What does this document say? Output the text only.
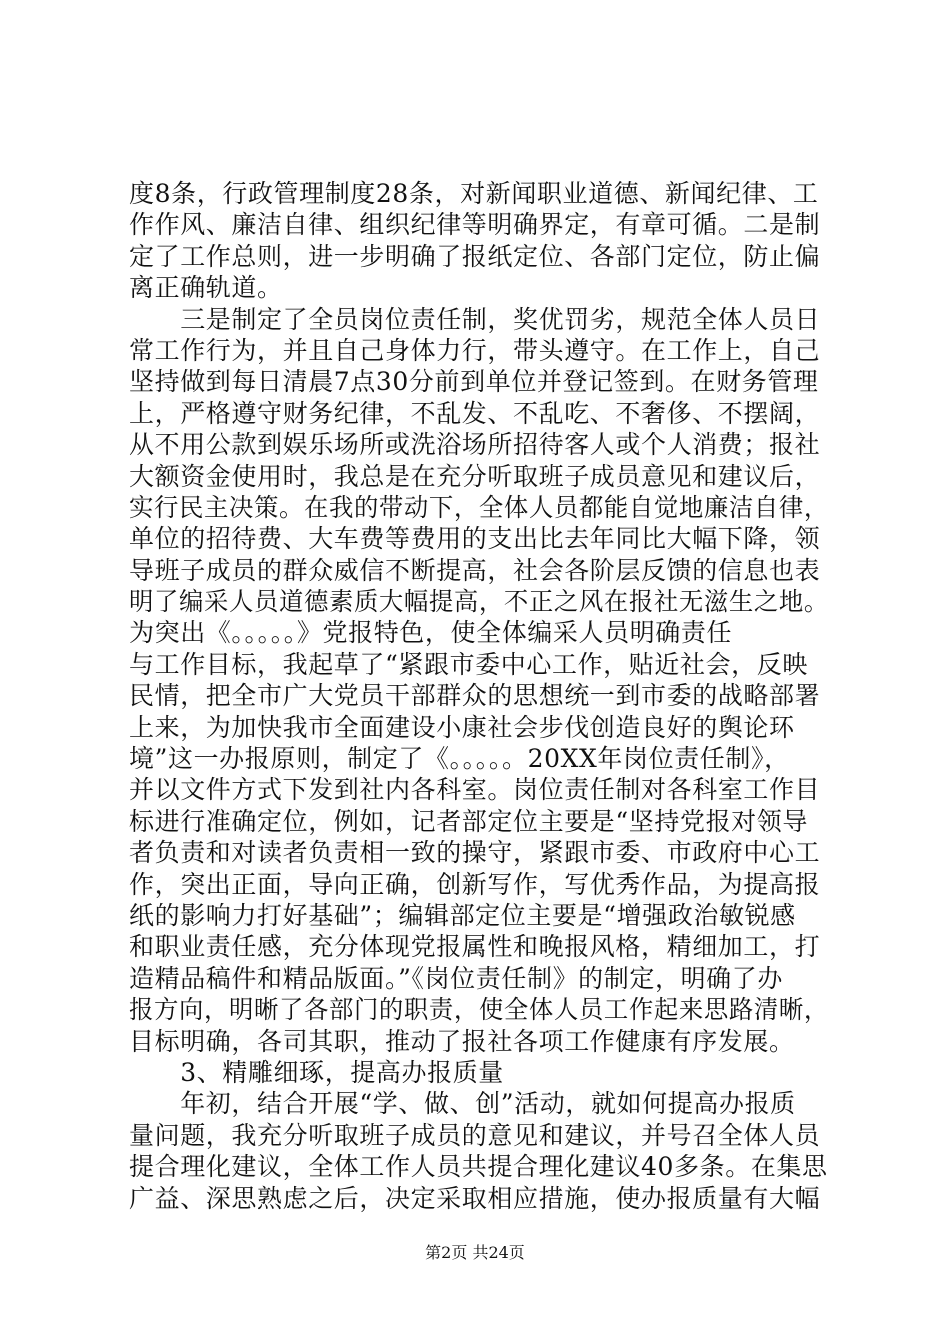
度8条，行政管理制度28条，对新闻职业道德、新闻纪律、工
作作风、廉洁自律、组织纪律等明确界定，有章可循。二是制
定了工作总则，进一步明确了报纸定位、各部门定位，防止偏
离正确轨道。
　　三是制定了全员岗位责任制，奖优罚劣，规范全体人员日
常工作行为，并且自己身体力行，带头遵守。在工作上，自己
坚持做到每日清晨7点30分前到单位并登记签到。在财务管理
上，严格遵守财务纪律，不乱发、不乱吃、不奢侈、不摆阔，
从不用公款到娱乐场所或洗浴场所招待客人或个人消费；报社
大额资金使用时，我总是在充分听取班子成员意见和建议后，
实行民主决策。在我的带动下，全体人员都能自觉地廉洁自律，
单位的招待费、大车费等费用的支出比去年同比大幅下降，领
导班子成员的群众威信不断提高，社会各阶层反馈的信息也表
明了编采人员道德素质大幅提高，不正之风在报社无滋生之地。
为突出《。。。。。》党报特色，使全体编采人员明确责任
与工作目标，我起草了“紧跟市委中心工作，贴近社会，反映
民情，把全市广大党员干部群众的思想统一到市委的战略部署
上来，为加快我市全面建设小康社会步伐创造良好的舆论环
境”这一办报原则，制定了《。。。。。20XX年岗位责任制》，
并以文件方式下发到社内各科室。岗位责任制对各科室工作目
标进行准确定位，例如，记者部定位主要是“坚持党报对领导
者负责和对读者负责相一致的操守，紧跟市委、市政府中心工
作，突出正面，导向正确，创新写作，写优秀作品，为提高报
纸的影响力打好基础”；编辑部定位主要是“增强政治敏锐感
和职业责任感，充分体现党报属性和晚报风格，精细加工，打
造精品稿件和精品版面。”《岗位责任制》的制定，明确了办
报方向，明晰了各部门的职责，使全体人员工作起来思路清晰，
目标明确，各司其职，推动了报社各项工作健康有序发展。
　　3、精雕细琢，提高办报质量
　　年初，结合开展“学、做、创”活动，就如何提高办报质
量问题，我充分听取班子成员的意见和建议，并号召全体人员
提合理化建议，全体工作人员共提合理化建议40多条。在集思
广益、深思熟虑之后，决定采取相应措施，使办报质量有大幅
第2页 共24页
